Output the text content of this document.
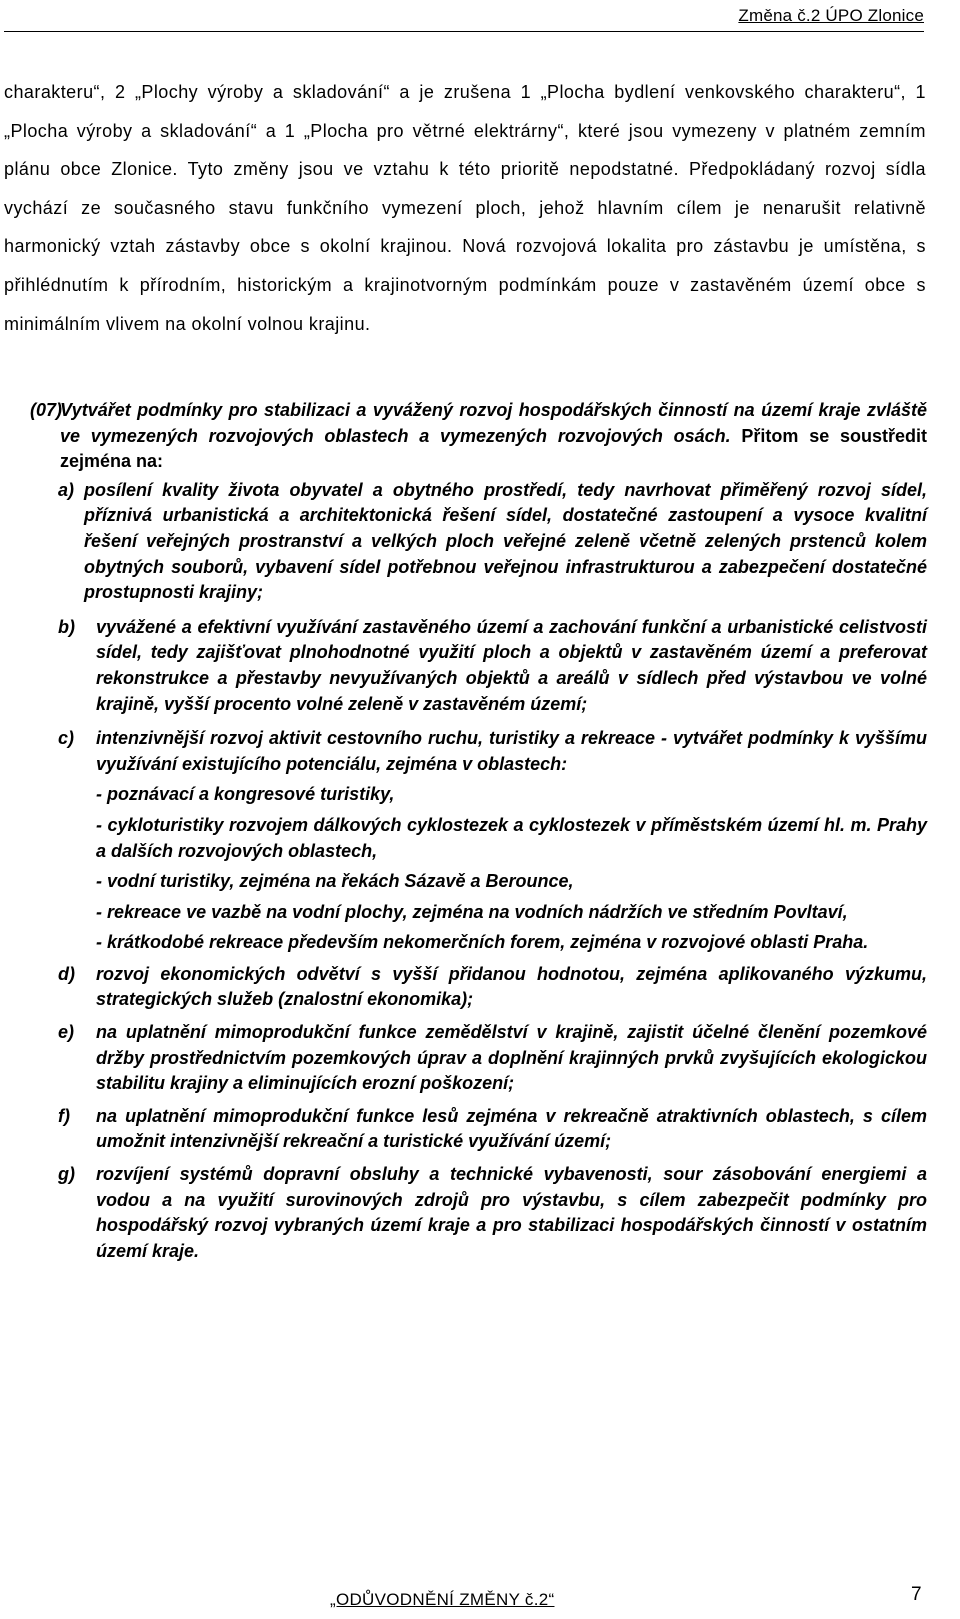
Změna č.2 ÚPO Zlonice
charakteru“, 2 „Plochy výroby a skladování“ a je zrušena 1 „Plocha bydlení venkovského charakteru“, 1 „Plocha výroby a skladování“ a 1 „Plocha pro větrné elektrárny“, které jsou vymezeny v platném zemním plánu obce Zlonice. Tyto změny jsou ve vztahu k této prioritě nepodstatné. Předpokládaný rozvoj sídla vychází ze současného stavu funkčního vymezení ploch, jehož hlavním cílem je nenarušit relativně harmonický vztah zástavby obce s okolní krajinou. Nová rozvojová lokalita pro zástavbu je umístěna, s přihlédnutím k přírodním, historickým a krajinotvorným podmínkám pouze v zastavěném území obce s minimálním vlivem na okolní volnou krajinu.
(07)
Vytvářet podmínky pro stabilizaci a vyvážený rozvoj hospodářských činností na území kraje zvláště ve vymezených rozvojových oblastech a vymezených rozvojových osách. Přitom se soustředit zejména na:
a) posílení kvality života obyvatel a obytného prostředí, tedy navrhovat přiměřený rozvoj sídel, příznivá urbanistická a architektonická řešení sídel, dostatečné zastoupení a vysoce kvalitní řešení veřejných prostranství a velkých ploch veřejné zeleně včetně zelených prstenců kolem obytných souborů, vybavení sídel potřebnou veřejnou infrastrukturou a zabezpečení dostatečné prostupnosti krajiny;
b)	vyvážené a efektivní využívání zastavěného území a zachování funkční a urbanistické celistvosti sídel, tedy zajišťovat plnohodnotné využití ploch a objektů v zastavěném území a preferovat rekonstrukce a přestavby nevyužívaných objektů a areálů v sídlech před výstavbou ve volné krajině, vyšší procento volné zeleně v zastavěném území;
c)	intenzivnější rozvoj aktivit cestovního ruchu, turistiky a rekreace - vytvářet podmínky k vyššímu využívání existujícího potenciálu, zejména v oblastech:
- poznávací a kongresové turistiky,
- cykloturistiky rozvojem dálkových cyklostezek a cyklostezek v příměstském území hl. m. Prahy a dalších rozvojových oblastech,
- vodní turistiky, zejména na řekách Sázavě a Berounce,
- rekreace ve vazbě na vodní plochy, zejména na vodních nádržích ve středním Povltaví,
- krátkodobé rekreace především nekomerčních forem, zejména v rozvojové oblasti Praha.
d)	rozvoj ekonomických odvětví s vyšší přidanou hodnotou, zejména aplikovaného výzkumu, strategických služeb (znalostní ekonomika);
e)	na uplatnění mimoprodukční funkce zemědělství v krajině, zajistit účelné členění pozemkové držby prostřednictvím pozemkových úprav a doplnění krajinných prvků zvyšujících ekologickou stabilitu krajiny a eliminujících erozní poškození;
f)	na uplatnění mimoprodukční funkce lesů zejména v rekreačně atraktivních oblastech, s cílem umožnit intenzivnější rekreační a turistické využívání území;
g)	rozvíjení systémů dopravní obsluhy a technické vybavenosti, sour zásobování energiemi a vodou a na využití surovinových zdrojů pro výstavbu, s cílem zabezpečit podmínky pro hospodářský rozvoj vybraných území kraje a pro stabilizaci hospodářských činností v ostatním území kraje.
„ODŮVODNĚNÍ ZMĚNY č.2“	7
